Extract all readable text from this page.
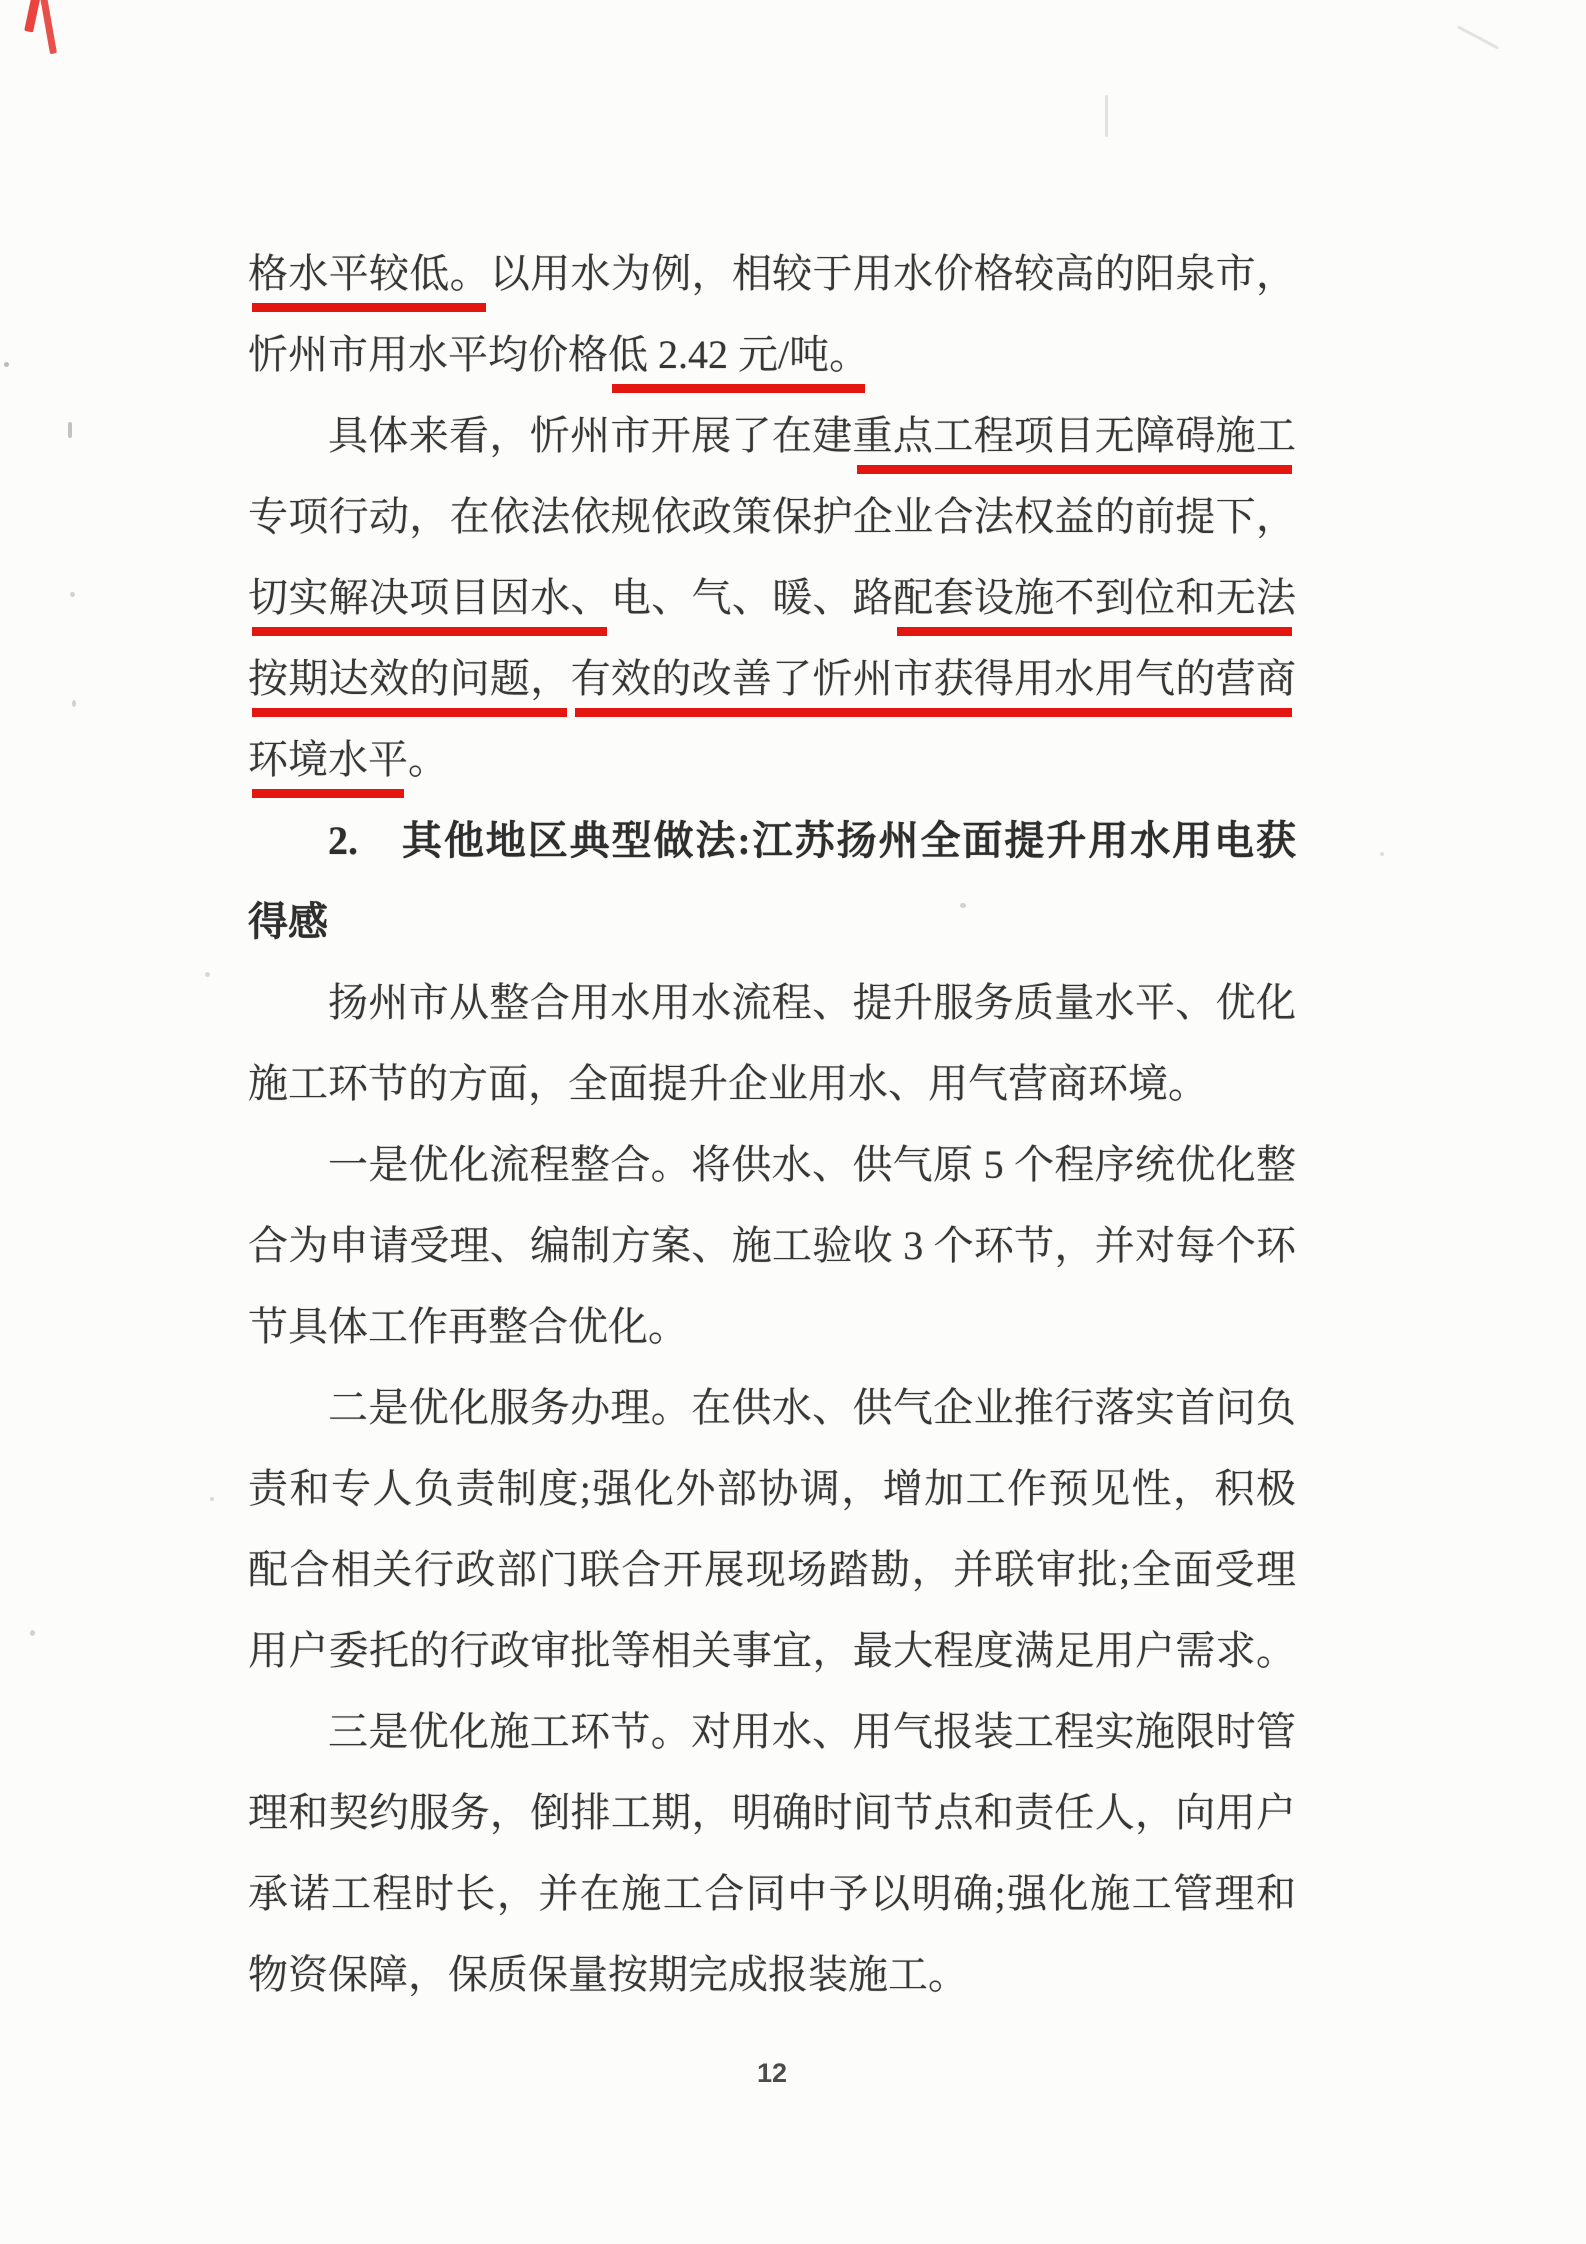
格水平较低。以用水为例，相较于用水价格较高的阳泉市，
忻州市用水平均价格低 2.42 元/吨。
具体来看，忻州市开展了在建重点工程项目无障碍施工
专项行动，在依法依规依政策保护企业合法权益的前提下，
切实解决项目因水、电、气、暖、路配套设施不到位和无法
按期达效的问题，有效的改善了忻州市获得用水用气的营商
环境水平。
2.　其他地区典型做法:江苏扬州全面提升用水用电获
得感
扬州市从整合用水用水流程、提升服务质量水平、优化
施工环节的方面，全面提升企业用水、用气营商环境。
一是优化流程整合。将供水、供气原 5 个程序统优化整
合为申请受理、编制方案、施工验收 3 个环节，并对每个环
节具体工作再整合优化。
二是优化服务办理。在供水、供气企业推行落实首问负
责和专人负责制度;强化外部协调，增加工作预见性，积极
配合相关行政部门联合开展现场踏勘，并联审批;全面受理
用户委托的行政审批等相关事宜，最大程度满足用户需求。
三是优化施工环节。对用水、用气报装工程实施限时管
理和契约服务，倒排工期，明确时间节点和责任人，向用户
承诺工程时长，并在施工合同中予以明确;强化施工管理和
物资保障，保质保量按期完成报装施工。
12
